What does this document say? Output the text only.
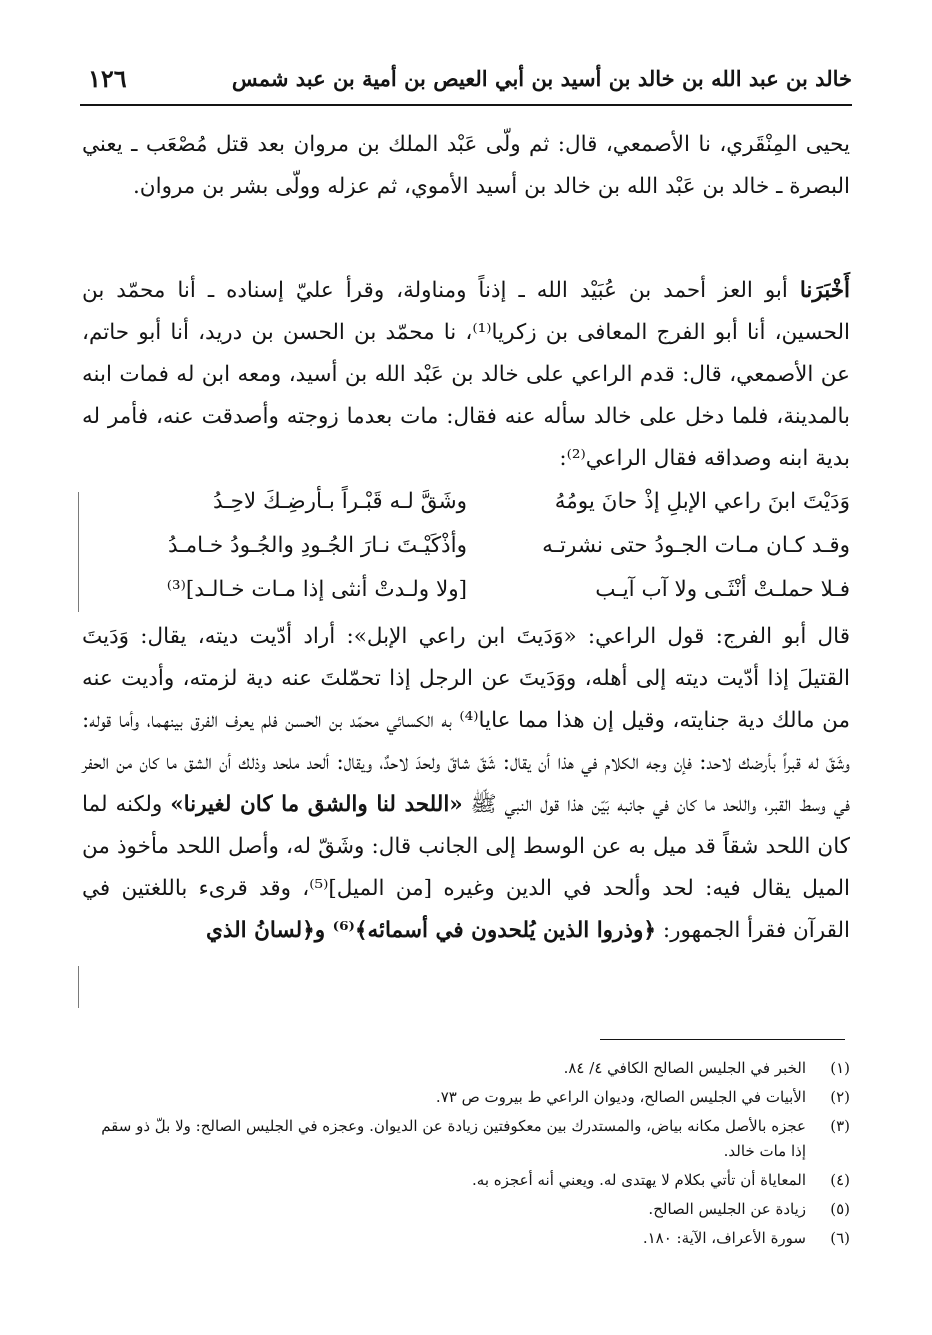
خالد بن عبد الله بن خالد بن أسيد بن أبي العيص بن أمية بن عبد شمس
١٢٦
يحيى المِنْقَري، نا الأصمعي، قال: ثم ولّى عَبْد الملك بن مروان بعد قتل مُصْعَب ـ يعني البصرة ـ خالد بن عَبْد الله بن خالد بن أسيد الأموي، ثم عزله وولّى بشر بن مروان.
أَخْبَرَنا أبو العز أحمد بن عُبَيْد الله ـ إذناً ومناولة، وقرأ عليّ إسناده ـ أنا محمّد بن الحسين، أنا أبو الفرج المعافى بن زكريا⁽¹⁾، نا محمّد بن الحسن بن دريد، أنا أبو حاتم، عن الأصمعي، قال: قدم الراعي على خالد بن عَبْد الله بن أسيد، ومعه ابن له فمات ابنه بالمدينة، فلما دخل على خالد سأله عنه فقال: مات بعدما زوجته وأصدقت عنه، فأمر له بدية ابنه وصداقه فقال الراعي⁽²⁾:
وَدَيْتَ ابنَ راعي الإبلِ إذْ حانَ يومُهُ
وشَقَّ لـه قَبْـراً بـأرضِـكَ لاحِـدُ
وقـد كـان مـات الجـودُ حتى نشرتـه
وأذْكَيْـتَ نـارَ الجُـودِ والجُـودُ خـامـدُ
فـلا حملـتْ أنْثَـى ولا آب آيـب
[ولا ولـدتْ أنثى إذا مـات خـالـد]⁽³⁾
قال أبو الفرج: قول الراعي: «وَدَيتَ ابن راعي الإبل»: أراد أدّيت ديته، يقال: وَدَيتَ القتيلَ إذا أدّيت ديته إلى أهله، ووَدَيتَ عن الرجل إذا تحمّلتَ عنه دية لزمته، وأديت عنه من مالك دية جنايته، وقيل إن هذا مما عايا⁽⁴⁾ به الكسائي محمّد بن الحسن فلم يعرف الفرق بينهما، وأما قوله: وشَقّ له قبراً بأرضك لاحد: فإن وجه الكلام في هذا أن يقال: شَقّ شاقّ ولحدَ لاحدٌ، ويقال: ألحد ملحد وذلك أن الشق ما كان من الحفر في وسط القبر، واللحد ما كان في جانبه بَيّن هذا قول النبي ﷺ «اللحد لنا والشق ما كان لغيرنا» ولكنه لما كان اللحد شقاً قد ميل به عن الوسط إلى الجانب قال: وشَقّ له، وأصل اللحد مأخوذ من الميل يقال فيه: لحد وألحد في الدين وغيره [من الميل]⁽⁵⁾، وقد قرىء باللغتين في القرآن فقرأ الجمهور: ﴿وذروا الذين يُلحدون في أسمائه﴾⁽⁶⁾ و﴿لسانُ الذي
(١)
الخبر في الجليس الصالح الكافي ٤/ ٨٤.
(٢)
الأبيات في الجليس الصالح، وديوان الراعي ط بيروت ص ٧٣.
(٣)
عجزه بالأصل مكانه بياض، والمستدرك بين معكوفتين زيادة عن الديوان. وعجزه في الجليس الصالح: ولا بلّ ذو سقم إذا مات خالد.
(٤)
المعاياة أن تأتي بكلام لا يهتدى له. ويعني أنه أعجزه به.
(٥)
زيادة عن الجليس الصالح.
(٦)
سورة الأعراف، الآية: ١٨٠.
